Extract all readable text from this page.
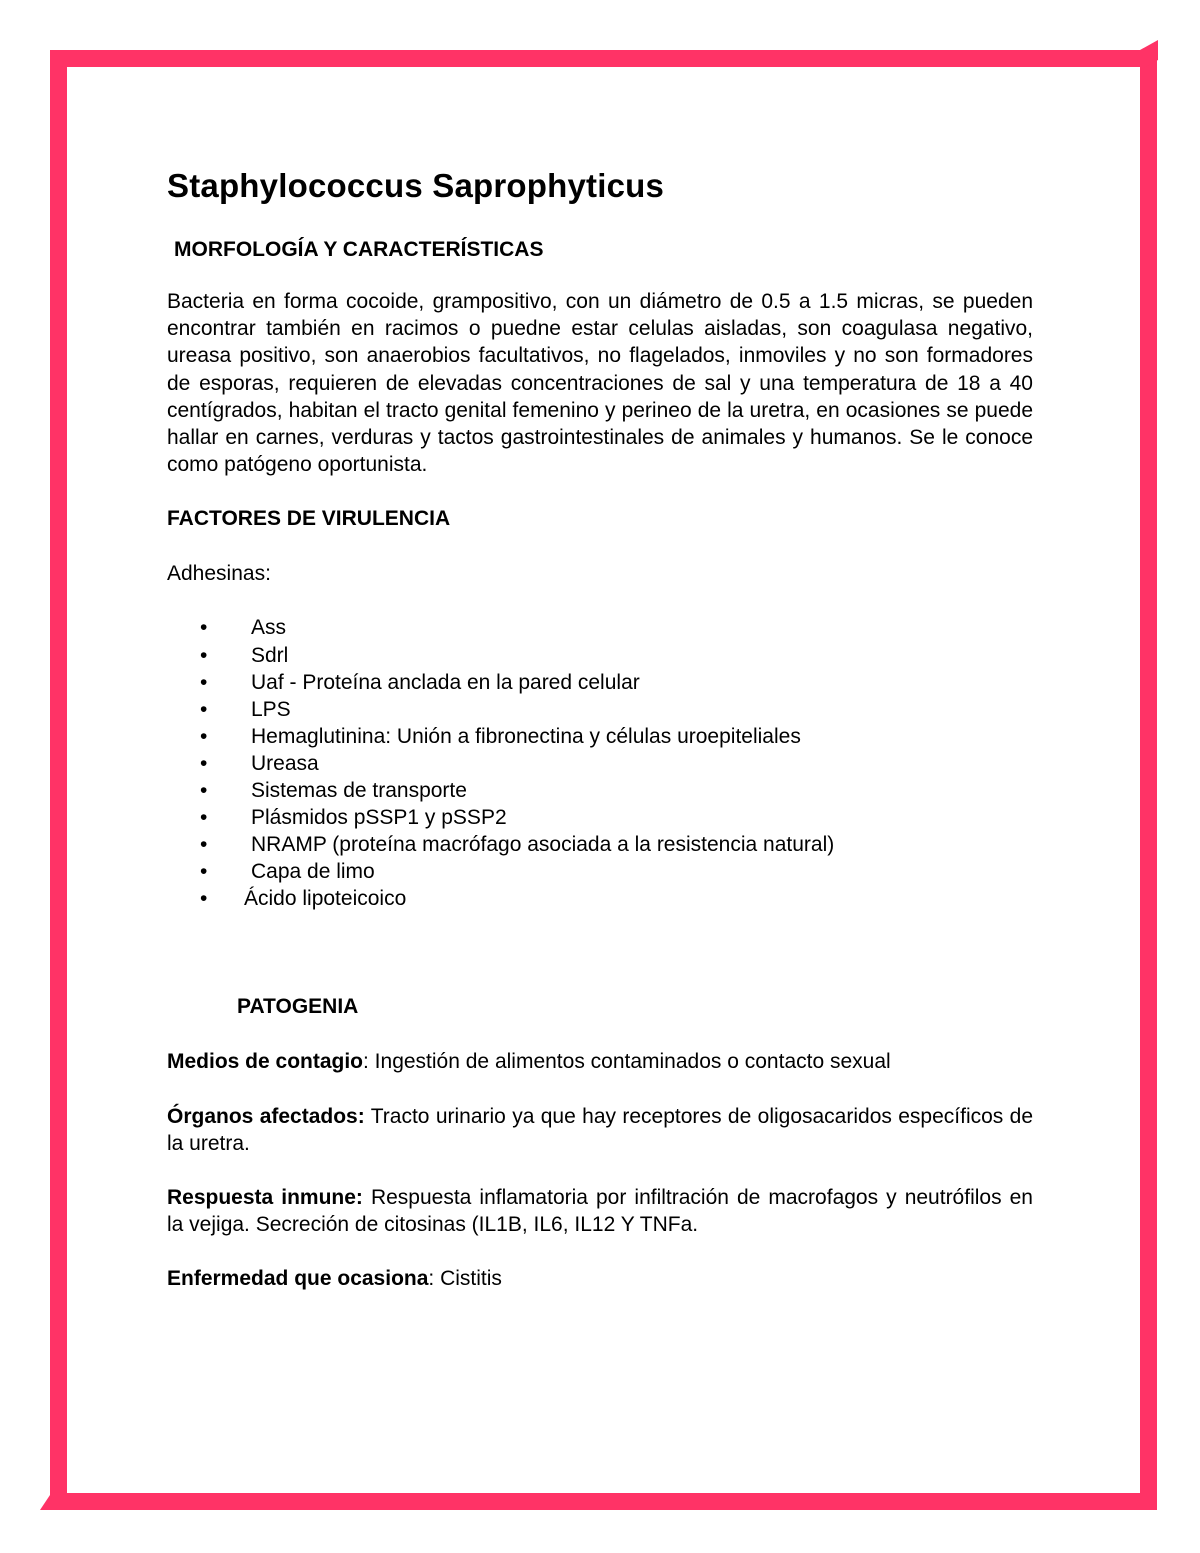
Staphylococcus Saprophyticus
MORFOLOGÍA Y CARACTERÍSTICAS

Bacteria en forma cocoide, grampositivo, con un diámetro de 0.5 a 1.5 micras, se pueden encontrar también en racimos o puedne estar celulas aisladas, son coagulasa negativo, ureasa positivo, son anaerobios facultativos, no flagelados, inmoviles y no son formadores de esporas, requieren de elevadas concentraciones de sal y una temperatura de 18 a 40 centígrados, habitan el tracto genital femenino y perineo de la uretra, en ocasiones se puede hallar en carnes, verduras y tactos gastrointestinales de animales y humanos. Se le conoce como patógeno oportunista.

FACTORES DE VIRULENCIA

Adhesinas:

• Ass
• Sdrl
• Uaf - Proteína anclada en la pared celular
• LPS
• Hemaglutinina: Unión a fibronectina y células uroepiteliales
• Ureasa
• Sistemas de transporte
• Plásmidos pSSP1 y pSSP2
• NRAMP (proteína macrófago asociada a la resistencia natural)
• Capa de limo
• Ácido lipoteicoico
PATOGENIA

Medios de contagio: Ingestión de alimentos contaminados o contacto sexual

Órganos afectados: Tracto urinario ya que hay receptores de oligosacaridos específicos de la uretra.

Respuesta inmune: Respuesta inflamatoria por infiltración de macrofagos y neutrófilos en la vejiga. Secreción de citosinas (IL1B, IL6, IL12 Y TNFa.

Enfermedad que ocasiona: Cistitis
